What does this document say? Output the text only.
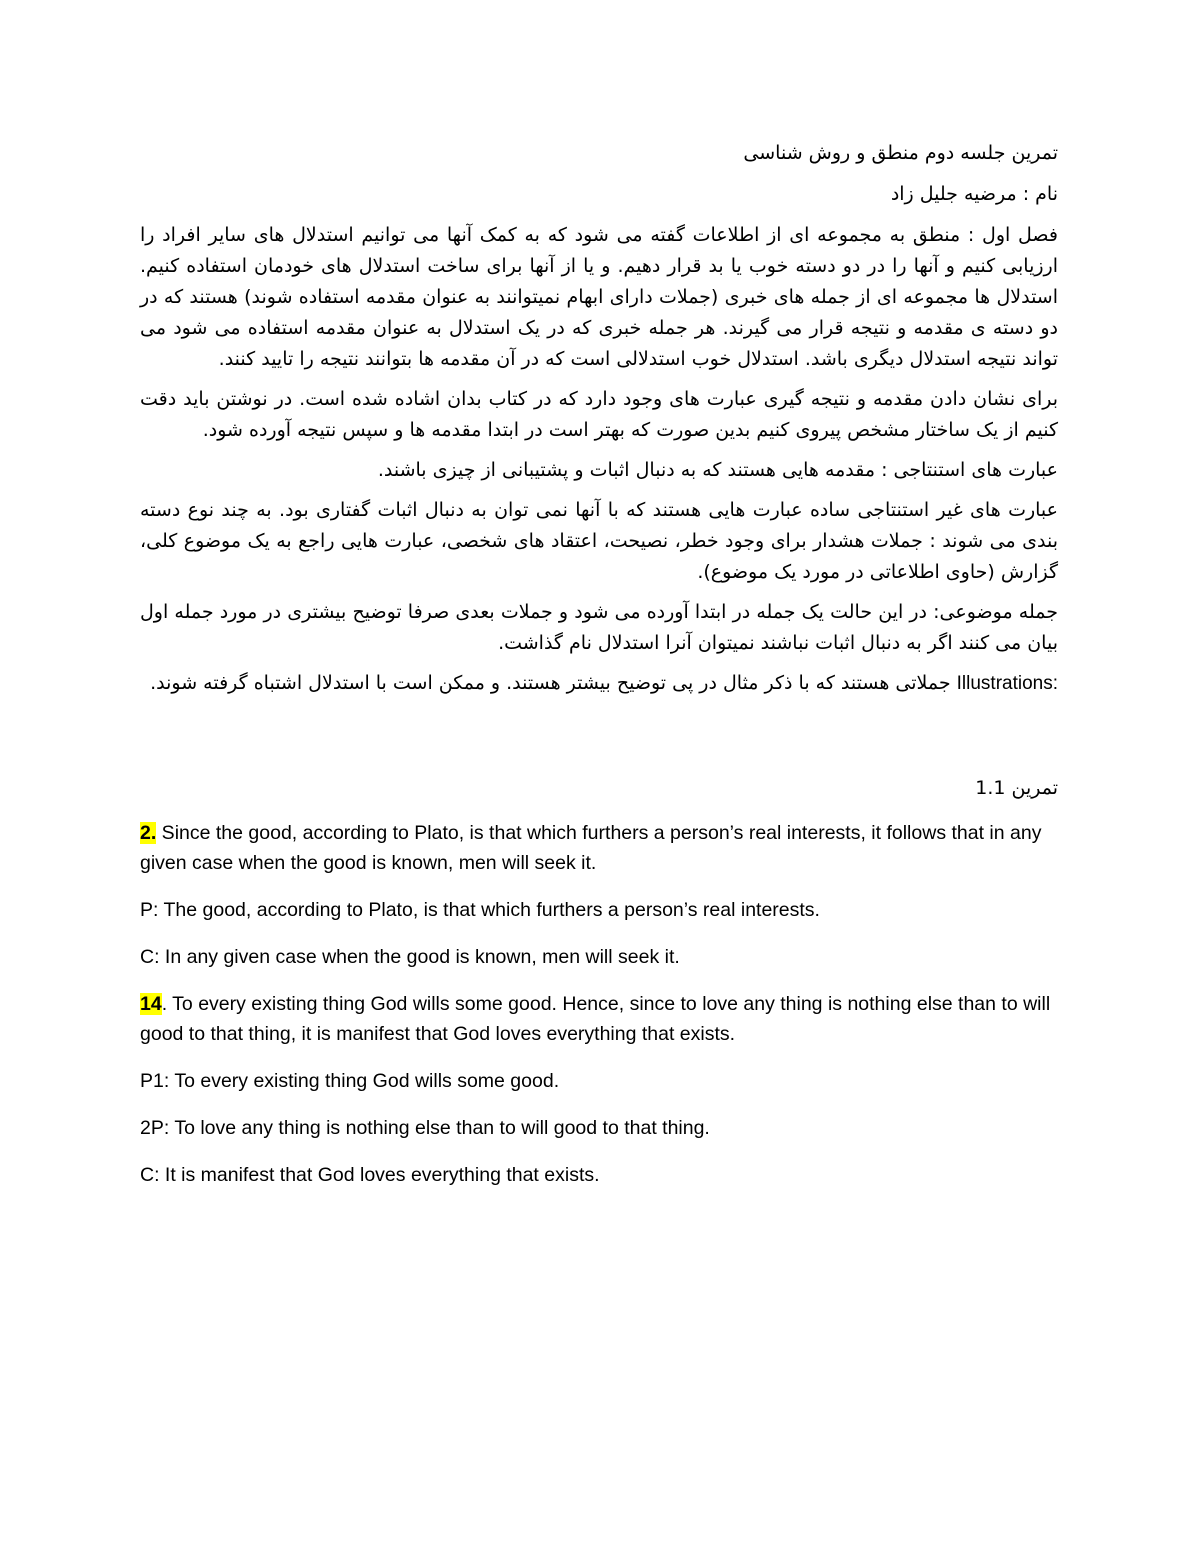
تمرین جلسه دوم منطق و روش شناسی

نام : مرضیه جلیل زاد

فصل اول : منطق به مجموعه ای از اطلاعات گفته می شود که به کمک آنها می توانیم استدلال های سایر افراد را ارزیابی کنیم و آنها را در دو دسته خوب یا بد قرار دهیم. و یا از آنها برای ساخت استدلال های خودمان استفاده کنیم. استدلال ها مجموعه ای از جمله های خبری (جملات دارای ابهام نمیتوانند به عنوان مقدمه استفاده شوند) هستند که در دو دسته ی مقدمه و نتیجه قرار می گیرند. هر جمله خبری که در یک استدلال به عنوان مقدمه استفاده می شود می تواند نتیجه استدلال دیگری باشد. استدلال خوب استدلالی است که در آن مقدمه ها بتوانند نتیجه را تایید کنند.

برای نشان دادن مقدمه و نتیجه گیری عبارت های وجود دارد که در کتاب بدان اشاده شده است. در نوشتن باید دقت کنیم از یک ساختار مشخص پیروی کنیم بدین صورت که بهتر است در ابتدا مقدمه ها و سپس نتیجه آورده شود.

عبارت های استنتاجی : مقدمه هایی هستند که به دنبال اثبات و پشتیبانی از چیزی باشند.

عبارت های غیر استنتاجی ساده عبارت هایی هستند که با آنها نمی توان به دنبال اثبات گفتاری بود. به چند نوع دسته بندی می شوند : جملات هشدار برای وجود خطر، نصیحت، اعتقاد های شخصی، عبارت هایی راجع به یک موضوع کلی، گزارش (حاوی اطلاعاتی در مورد یک موضوع).

جمله موضوعی: در این حالت یک جمله در ابتدا آورده می شود و جملات بعدی صرفا توضیح بیشتری در مورد جمله اول بیان می کنند اگر به دنبال اثبات نباشند نمیتوان آنرا استدلال نام گذاشت.

Illustrations: جملاتی هستند که با ذکر مثال در پی توضیح بیشتر هستند. و ممکن است با استدلال اشتباه گرفته شوند.

تمرین 1.1

2. Since the good, according to Plato, is that which furthers a person’s real interests, it follows that in any given case when the good is known, men will seek it.

P: The good, according to Plato, is that which furthers a person’s real interests.

C: In any given case when the good is known, men will seek it.

14. To every existing thing God wills some good. Hence, since to love any thing is nothing else than to will good to that thing, it is manifest that God loves everything that exists.

P1: To every existing thing God wills some good.

2P: To love any thing is nothing else than to will good to that thing.

C: It is manifest that God loves everything that exists.
